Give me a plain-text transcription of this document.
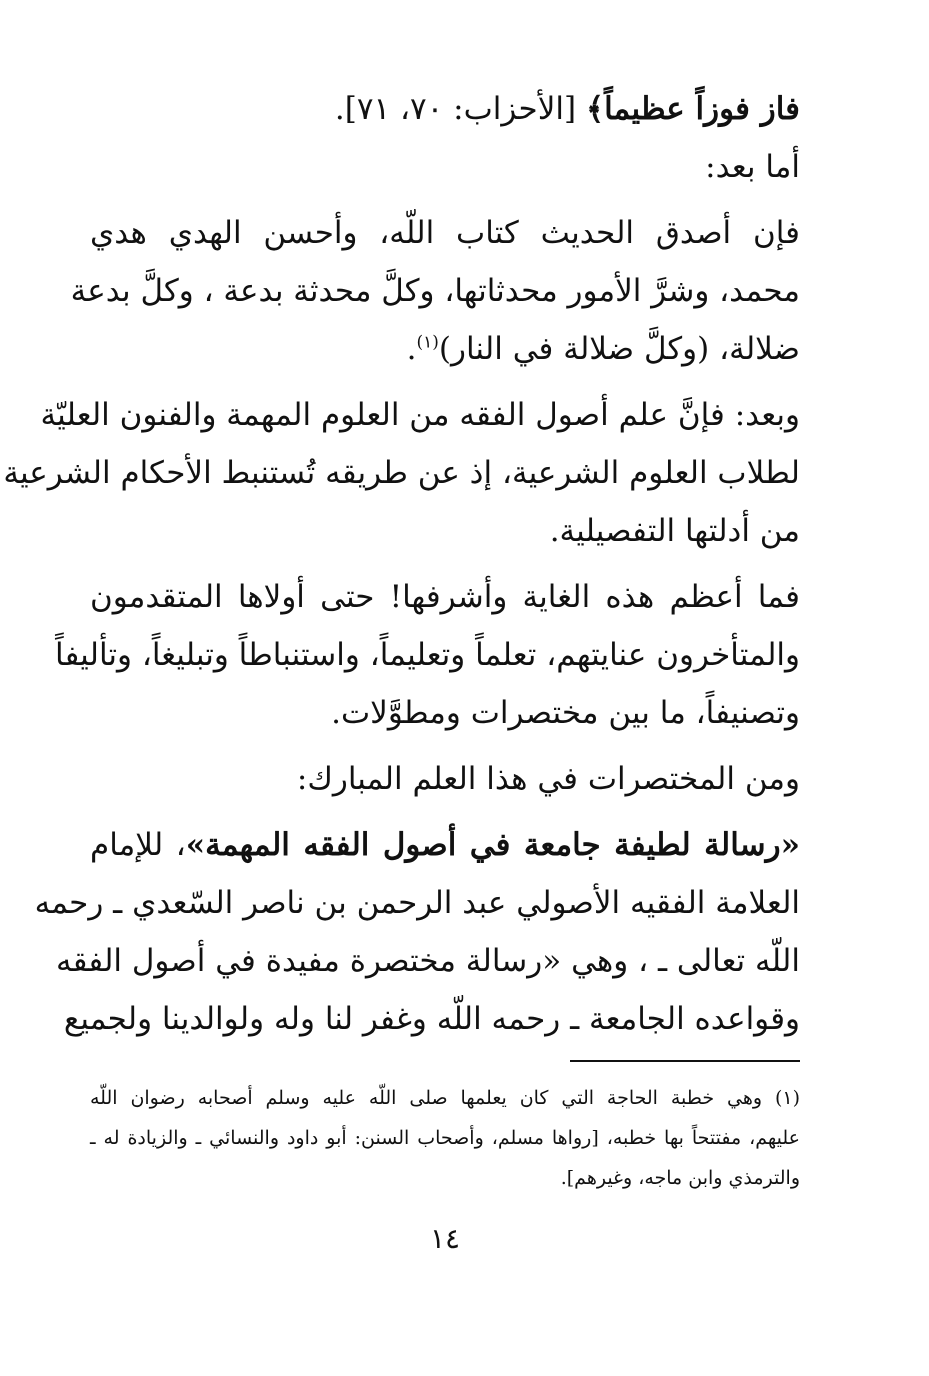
فاز فوزاً عظيماً﴾ [الأحزاب: ٧٠، ٧١].
أما بعد:
فإن أصدق الحديث كتاب اللّه، وأحسن الهدي هدي
محمد، وشرَّ الأمور محدثاتها، وكلَّ محدثة بدعة ، وكلَّ بدعة
ضلالة، (وكلَّ ضلالة في النار)$^{(١)}$.
وبعد: فإنَّ علم أصول الفقه من العلوم المهمة والفنون العليّة
لطلاب العلوم الشرعية، إذ عن طريقه تُستنبط الأحكام الشرعية
من أدلتها التفصيلية.
فما أعظم هذه الغاية وأشرفها! حتى أولاها المتقدمون
والمتأخرون عنايتهم، تعلماً وتعليماً، واستنباطاً وتبليغاً، وتأليفاً
وتصنيفاً، ما بين مختصرات ومطوَّلات.
ومن المختصرات في هذا العلم المبارك:
«رسالة لطيفة جامعة في أصول الفقه المهمة»، للإمام
العلامة الفقيه الأصولي عبد الرحمن بن ناصر السّعدي ـ رحمه
اللّه تعالى ـ ، وهي «رسالة مختصرة مفيدة في أصول الفقه
وقواعده الجامعة ـ رحمه اللّه وغفر لنا وله ولوالدينا ولجميع
(١) وهي خطبة الحاجة التي كان يعلمها صلى اللّه عليه وسلم أصحابه رضوان اللّه
عليهم، مفتتحاً بها خطبه، [رواها مسلم، وأصحاب السنن: أبو داود والنسائي ـ والزيادة له ـ
والترمذي وابن ماجه، وغيرهم].
١٤
